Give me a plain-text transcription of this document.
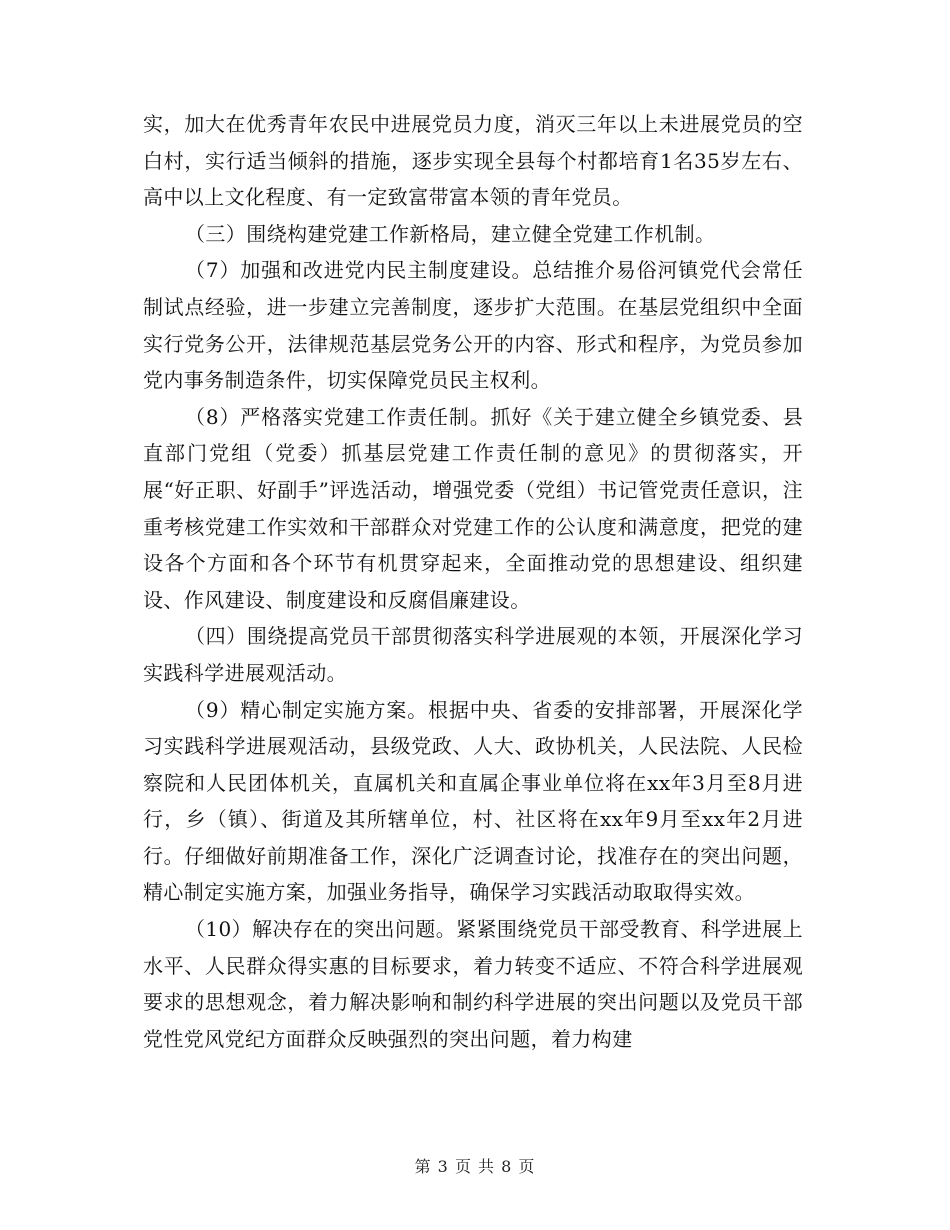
实，加大在优秀青年农民中进展党员力度，消灭三年以上未进展党员的空白村，实行适当倾斜的措施，逐步实现全县每个村都培育1名35岁左右、高中以上文化程度、有一定致富带富本领的青年党员。

（三）围绕构建党建工作新格局，建立健全党建工作机制。

（7）加强和改进党内民主制度建设。总结推介易俗河镇党代会常任制试点经验，进一步建立完善制度，逐步扩大范围。在基层党组织中全面实行党务公开，法律规范基层党务公开的内容、形式和程序，为党员参加党内事务制造条件，切实保障党员民主权利。

（8）严格落实党建工作责任制。抓好《关于建立健全乡镇党委、县直部门党组（党委）抓基层党建工作责任制的意见》的贯彻落实，开展“好正职、好副手”评选活动，增强党委（党组）书记管党责任意识，注重考核党建工作实效和干部群众对党建工作的公认度和满意度，把党的建设各个方面和各个环节有机贯穿起来，全面推动党的思想建设、组织建设、作风建设、制度建设和反腐倡廉建设。

（四）围绕提高党员干部贯彻落实科学进展观的本领，开展深化学习实践科学进展观活动。

（9）精心制定实施方案。根据中央、省委的安排部署，开展深化学习实践科学进展观活动，县级党政、人大、政协机关，人民法院、人民检察院和人民团体机关，直属机关和直属企事业单位将在xx年3月至8月进行，乡（镇）、街道及其所辖单位，村、社区将在xx年9月至xx年2月进行。仔细做好前期准备工作，深化广泛调查讨论，找准存在的突出问题，精心制定实施方案，加强业务指导，确保学习实践活动取取得实效。

（10）解决存在的突出问题。紧紧围绕党员干部受教育、科学进展上水平、人民群众得实惠的目标要求，着力转变不适应、不符合科学进展观要求的思想观念，着力解决影响和制约科学进展的突出问题以及党员干部党性党风党纪方面群众反映强烈的突出问题，着力构建

第 3 页 共 8 页
